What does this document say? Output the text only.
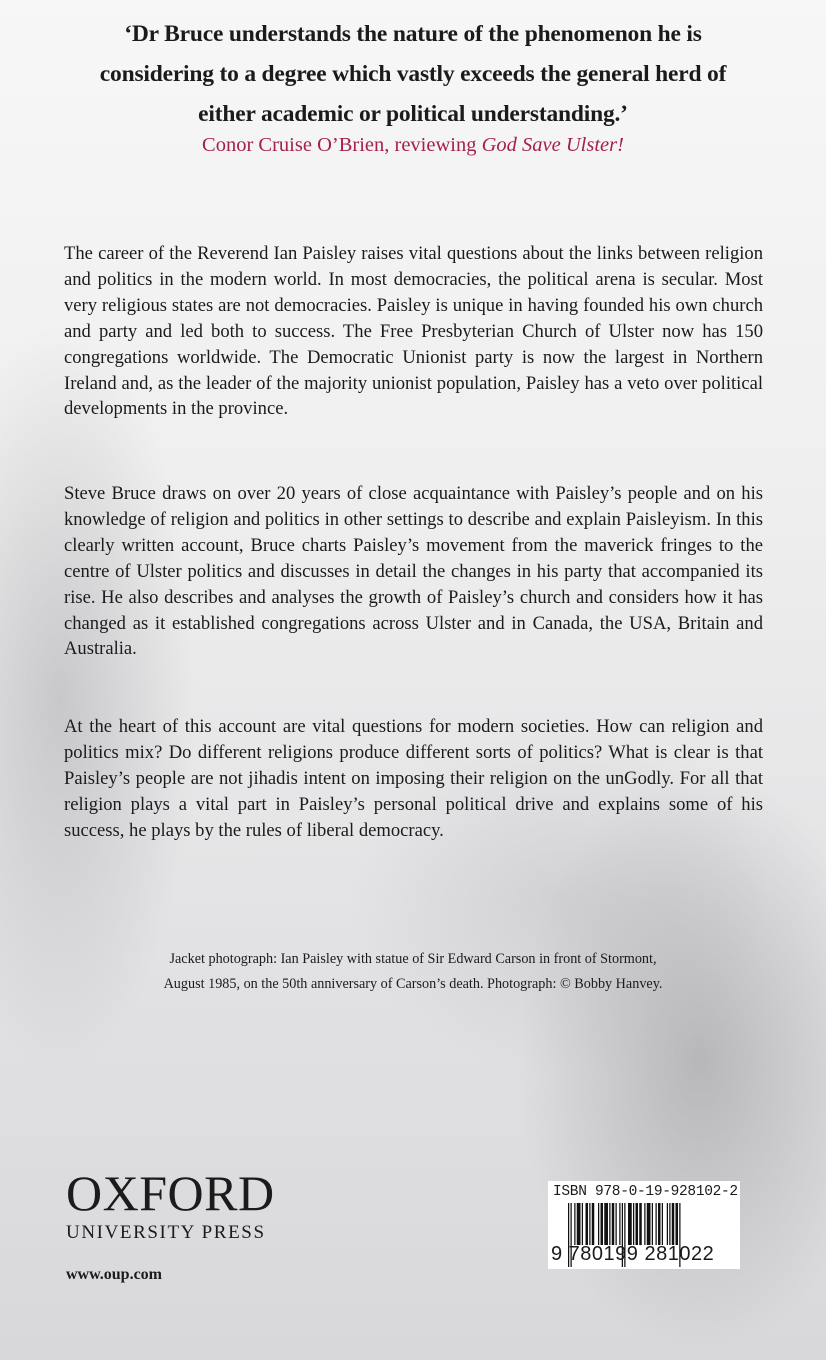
‘Dr Bruce understands the nature of the phenomenon he is
considering to a degree which vastly exceeds the general herd of
either academic or political understanding.’
Conor Cruise O’Brien, reviewing God Save Ulster!
The career of the Reverend Ian Paisley raises vital questions about the links between religion and politics in the modern world. In most democracies, the political arena is secular. Most very religious states are not democracies. Paisley is unique in having founded his own church and party and led both to success. The Free Presbyterian Church of Ulster now has 150 congregations worldwide. The Democratic Unionist party is now the largest in Northern Ireland and, as the leader of the majority unionist population, Paisley has a veto over political developments in the province.
Steve Bruce draws on over 20 years of close acquaintance with Paisley’s people and on his knowledge of religion and politics in other settings to describe and explain Paisleyism. In this clearly written account, Bruce charts Paisley’s movement from the maverick fringes to the centre of Ulster politics and discusses in detail the changes in his party that accompanied its rise. He also describes and analyses the growth of Paisley’s church and considers how it has changed as it established congregations across Ulster and in Canada, the USA, Britain and Australia.
At the heart of this account are vital questions for modern societies. How can religion and politics mix? Do different religions produce different sorts of politics? What is clear is that Paisley’s people are not jihadis intent on imposing their religion on the unGodly. For all that religion plays a vital part in Paisley’s personal political drive and explains some of his success, he plays by the rules of liberal democracy.
Jacket photograph: Ian Paisley with statue of Sir Edward Carson in front of Stormont,
August 1985, on the 50th anniversary of Carson’s death. Photograph: © Bobby Hanvey.
OXFORD
UNIVERSITY PRESS
www.oup.com
ISBN 978-0-19-928102-2
9 780199 281022
